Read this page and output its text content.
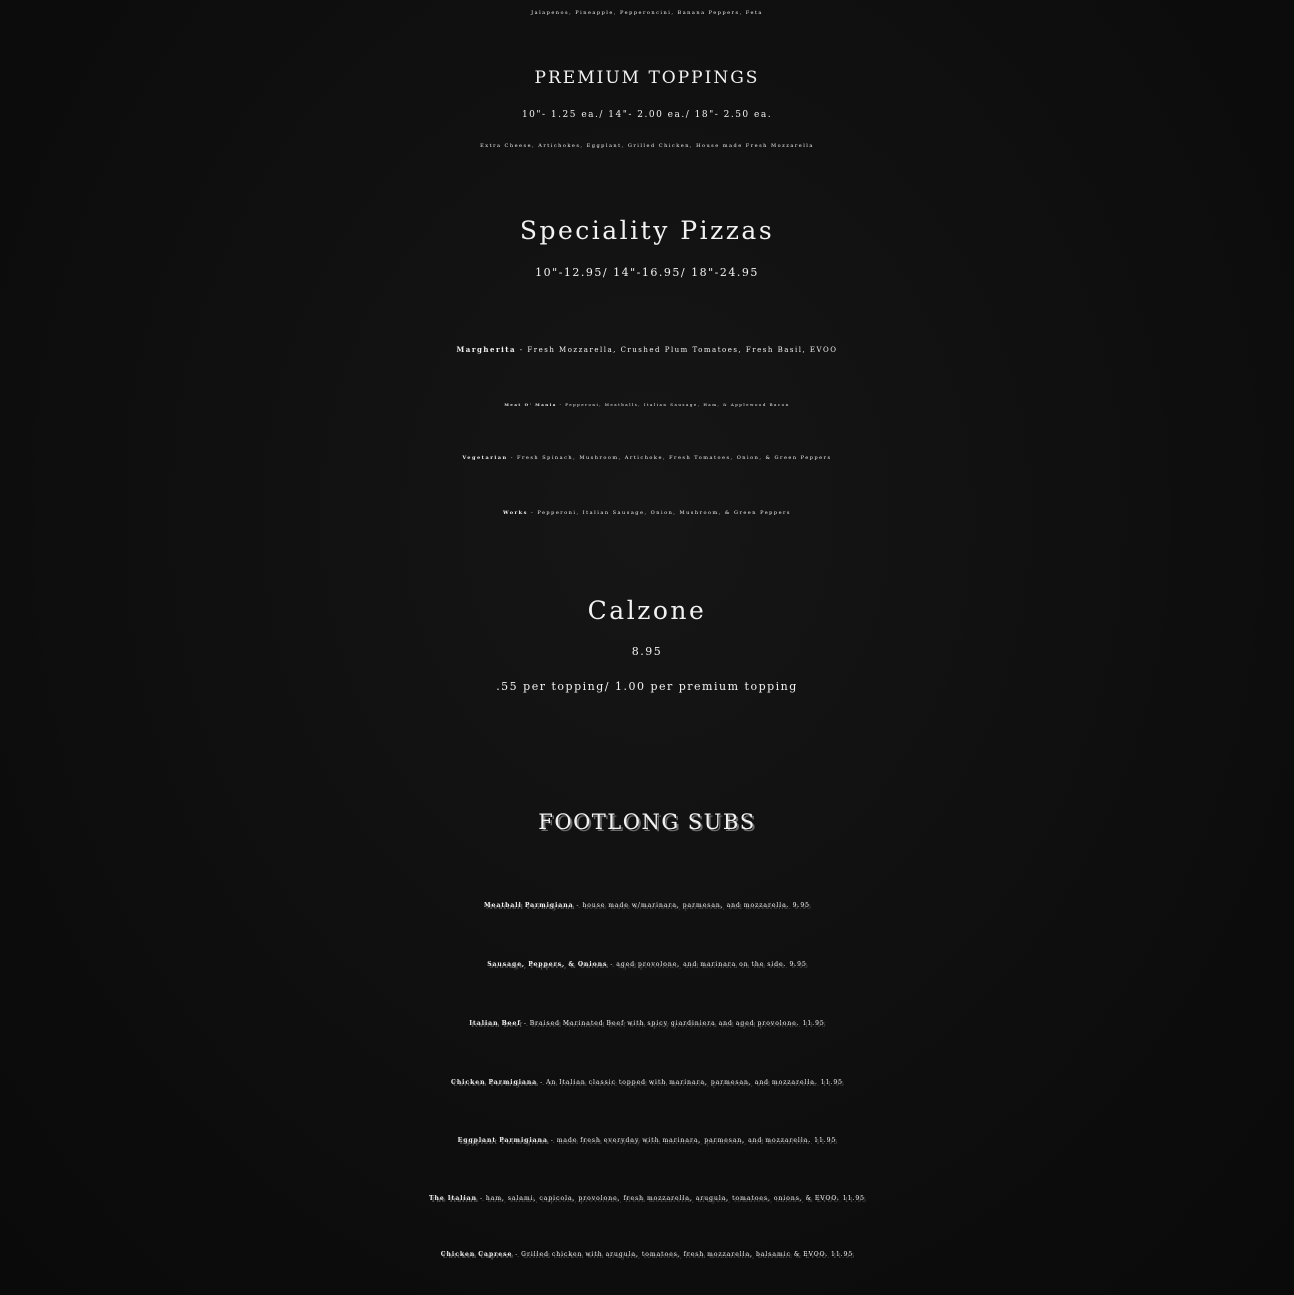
Jalapenos, Pineapple, Pepperoncini, Banana Peppers, Feta
PREMIUM TOPPINGS
10"- 1.25 ea./ 14"- 2.00 ea./ 18"- 2.50 ea.
Extra Cheese, Artichokes, Eggplant, Grilled Chicken, House made Fresh Mozzarella
Speciality Pizzas
10"-12.95/ 14"-16.95/ 18"-24.95
Margherita - Fresh Mozzarella, Crushed Plum Tomatoes, Fresh Basil, EVOO
Meat O' Mania - Pepperoni, Meatballs, Italian Sausage, Ham, & Applewood Bacon
Vegetarian - Fresh Spinach, Mushroom, Artichoke, Fresh Tomatoes, Onion, & Green Peppers
Works - Pepperoni, Italian Sausage, Onion, Mushroom, & Green Peppers
Calzone
8.95
.55 per topping/ 1.00 per premium topping
FOOTLONG SUBS
Meatball Parmigiana - house made w/marinara, parmesan, and mozzarella. 9.95
Sausage, Peppers, & Onions - aged provolone, and marinara on the side. 9.95
Italian Beef - Braised Marinated Beef with spicy giardiniera and aged provolone. 11.95
Chicken Parmigiana - An Italian classic topped with marinara, parmesan, and mozzarella. 11.95
Eggplant Parmigiana - made fresh everyday with marinara, parmesan, and mozzarella. 11.95
The Italian - ham, salami, capicola, provolone, fresh mozzarella, arugula, tomatoes, onions, & EVOO. 11.95
Chicken Caprese - Grilled chicken with arugula, tomatoes, fresh mozzarella, balsamic & EVOO. 11.95
